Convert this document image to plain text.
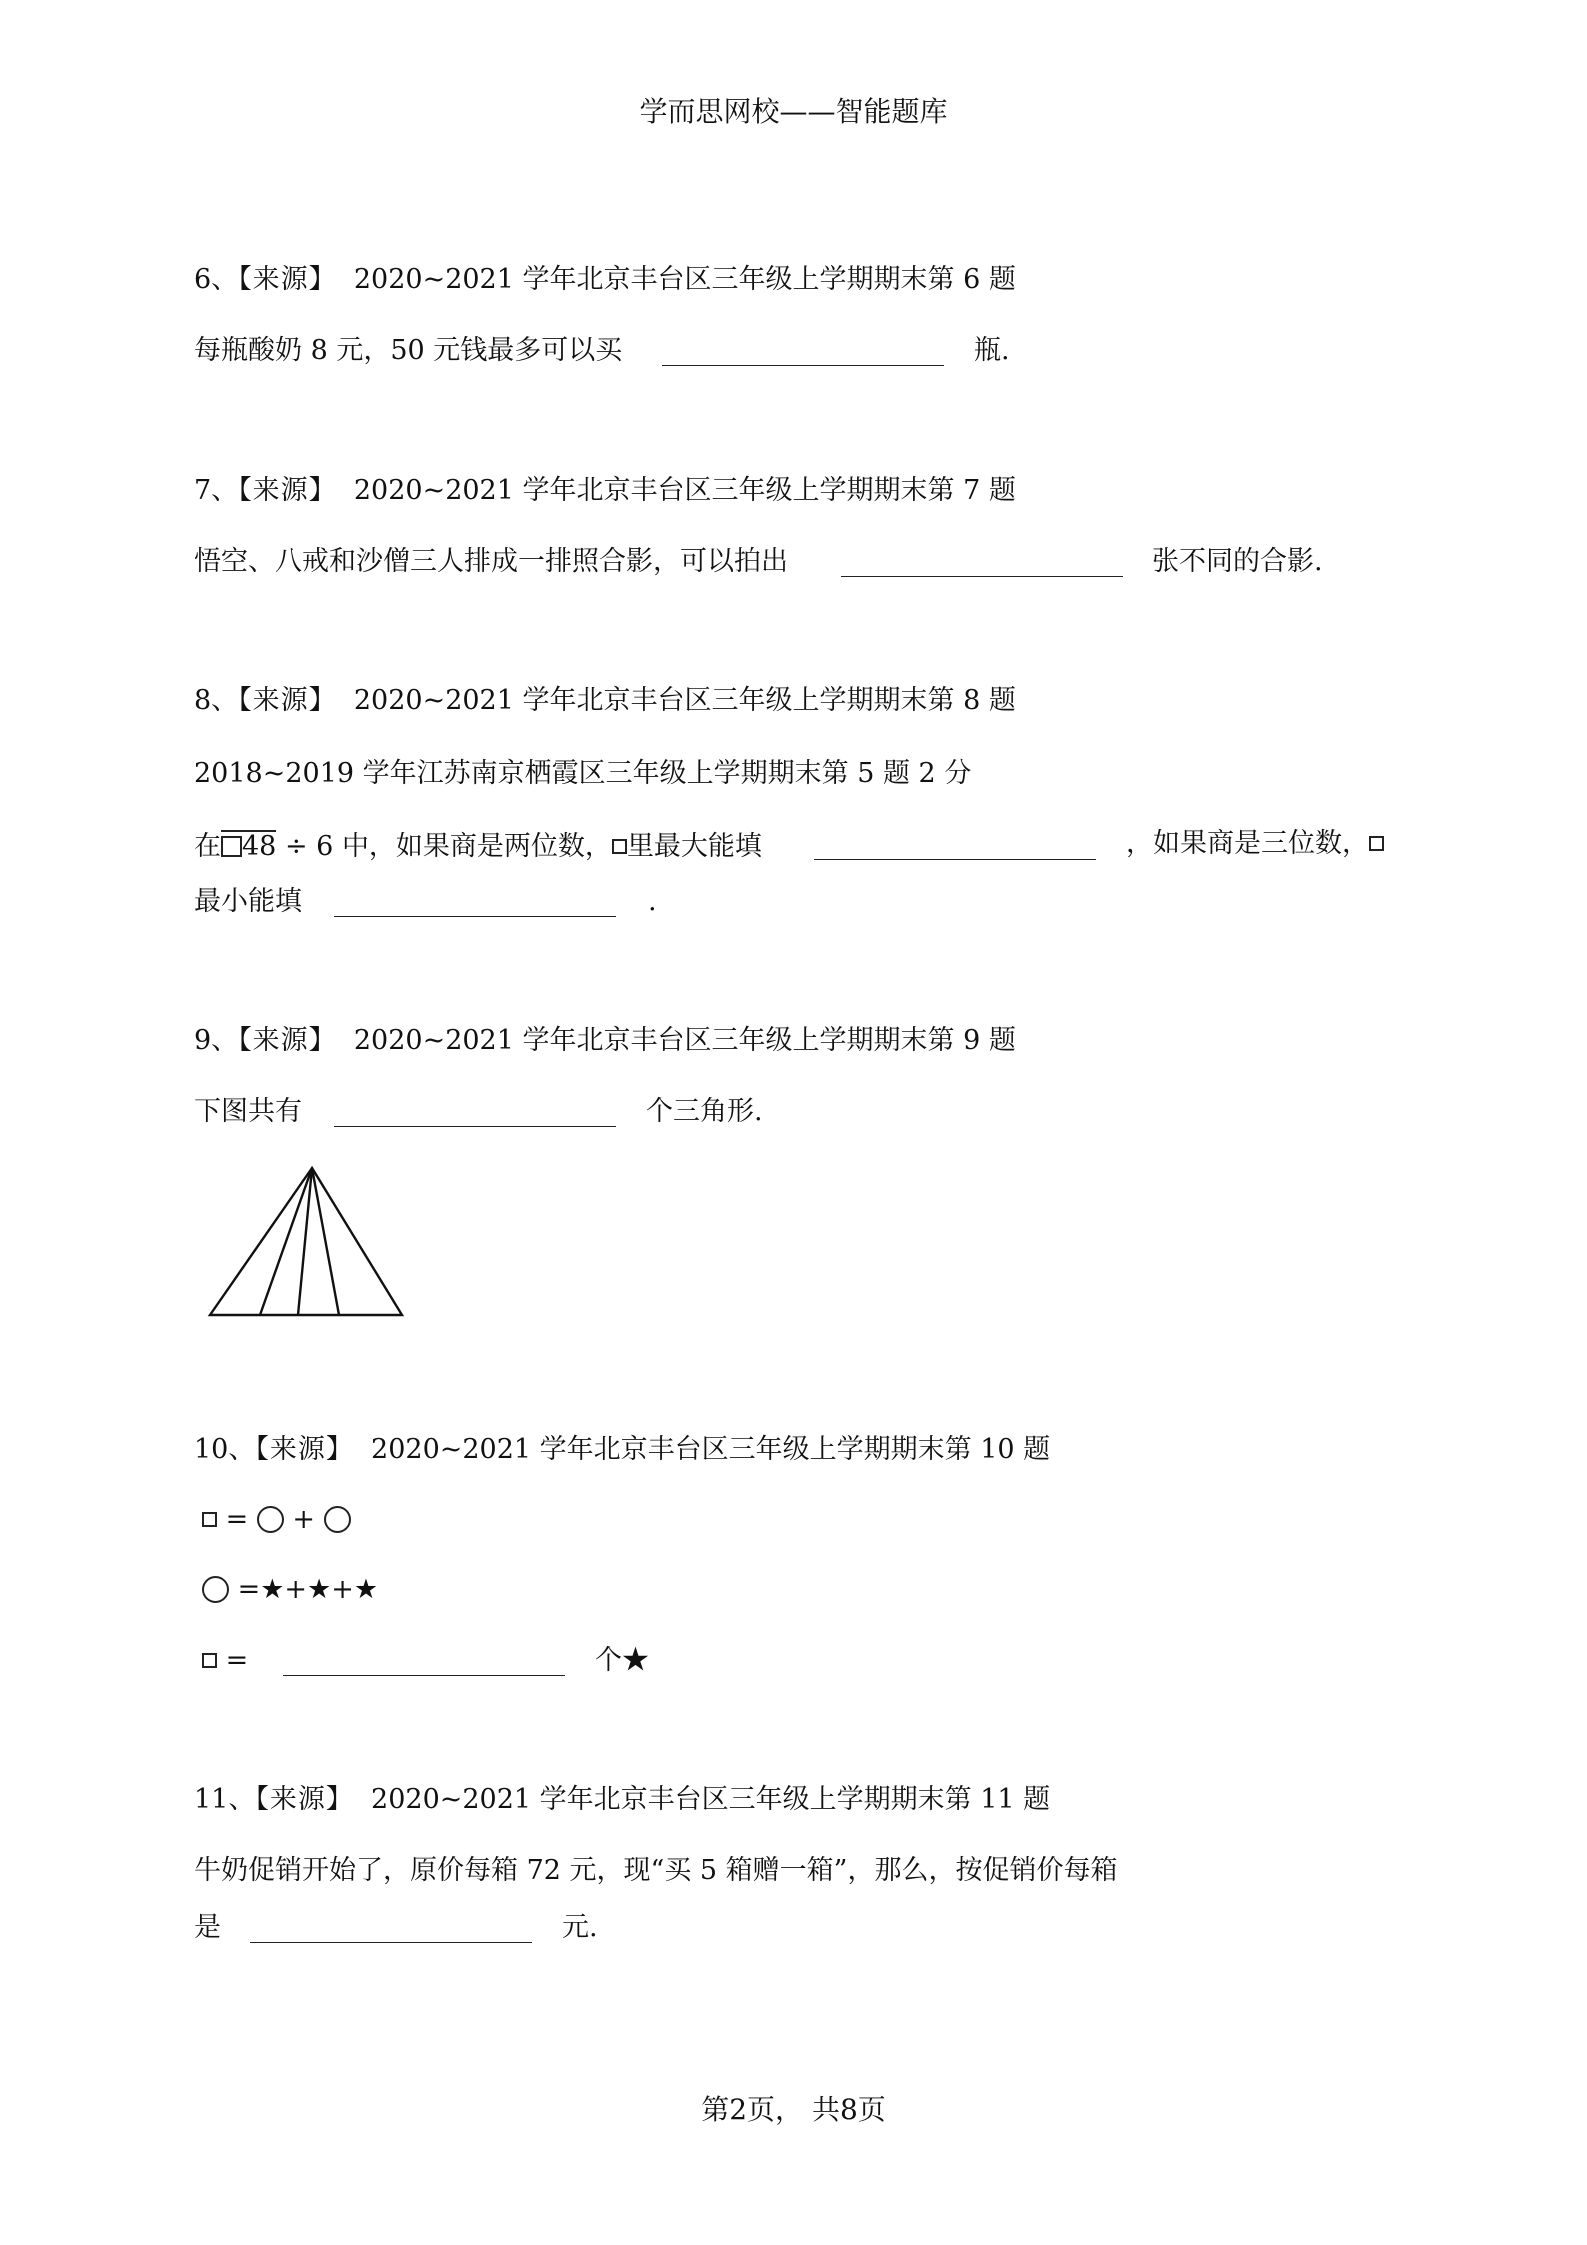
学而思网校——智能题库
6、【来源】 2020~2021 学年北京丰台区三年级上学期期末第 6 题
每瓶酸奶 8 元，50 元钱最多可以买	瓶.
7、【来源】 2020~2021 学年北京丰台区三年级上学期期末第 7 题
悟空、八戒和沙僧三人排成一排照合影，可以拍出	张不同的合影.
8、【来源】 2020~2021 学年北京丰台区三年级上学期期末第 8 题
2018~2019 学年江苏南京栖霞区三年级上学期期末第 5 题 2 分
在 48 ÷ 6 中，如果商是两位数， 里最大能填	，如果商是三位数，
最小能填	.
9、【来源】 2020~2021 学年北京丰台区三年级上学期期末第 9 题
下图共有	个三角形.
10、【来源】 2020~2021 学年北京丰台区三年级上学期期末第 10 题
= +
=★+★+★
=	个★
11、【来源】 2020~2021 学年北京丰台区三年级上学期期末第 11 题
牛奶促销开始了，原价每箱 72 元，现“买 5 箱赠一箱”，那么，按促销价每箱
是	元.
第2页， 共8页
